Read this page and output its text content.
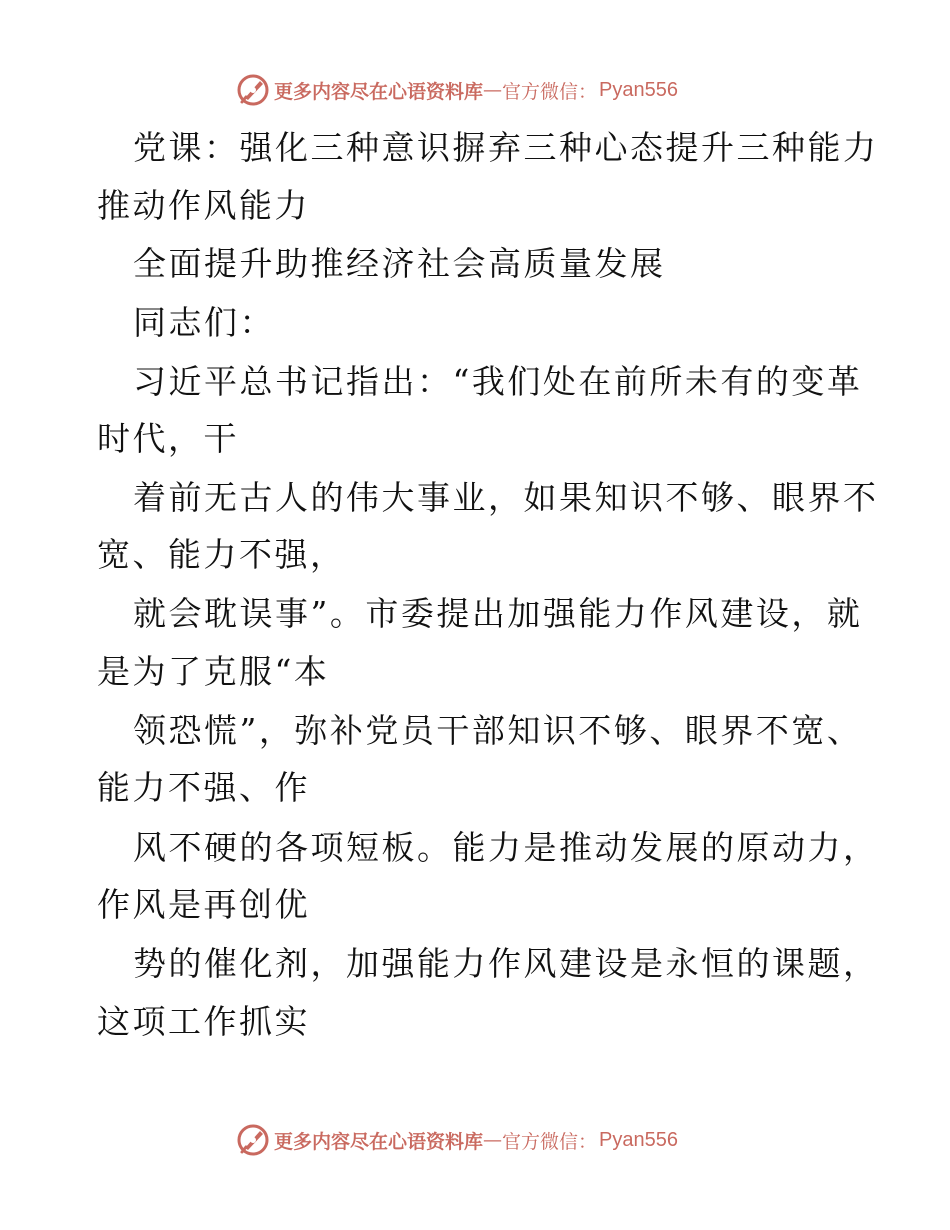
更多内容尽在心语资料库 — 官方微信： Pyan556
党课：强化三种意识摒弃三种心态提升三种能力
推动作风能力
全面提升助推经济社会高质量发展
同志们：
习近平总书记指出：“我们处在前所未有的变革
时代，干
着前无古人的伟大事业，如果知识不够、眼界不
宽、能力不强，
就会耽误事”。市委提出加强能力作风建设，就
是为了克服“本
领恐慌”，弥补党员干部知识不够、眼界不宽、
能力不强、作
风不硬的各项短板。能力是推动发展的原动力，
作风是再创优
势的催化剂，加强能力作风建设是永恒的课题，
这项工作抓实
更多内容尽在心语资料库 — 官方微信： Pyan556
